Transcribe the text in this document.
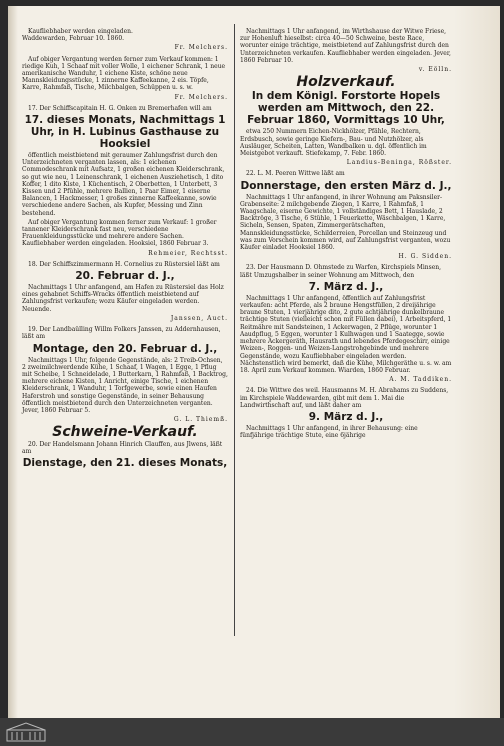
Kaufliebhaber werden eingeladen.
Waddewarden, Februar 10. 1860.
Fr. Melchers.
Auf obiger Vergantung werden ferner zum Verkauf kommen: 1 riedige Kuh, 1 Schaaf mit voller Wolle, 1 eichener Schrank, 1 neue amerikanische Wanduhr, 1 eichene Kiste, schöne neue Mannskleidungsstücke, 1 zinnerne Kaffeekanne, 2 eis. Töpfe, Karre, Rahmfaß, Tische, Milchbalgen, Schüppen u. s. w.
Fr. Melchers.
17. Der Schiffscapitain H. G. Onken zu Bremerhafen will am
17. dieses Monats, Nachmittags 1 Uhr, in H. Lubinus Gasthause zu Hooksiel
öffentlich meistbietend mit geraumer Zahlungsfrist durch den Unterzeichneten verganten lassen, als: 1 eichenen Commodeschrank mit Aufsatz, 1 großen eichenen Kleiderschrank, so gut wie neu, 1 Leinenschrank, 1 eichenen Ausziehetisch, 1 dito Koffer, 1 dito Kiste, 1 Küchentisch, 2 Oberbetten, 1 Unterbett, 3 Kissen und 2 Pfühle, mehrere Ballien, 1 Paar Eimer, 1 eiserne Balancen, 1 Hackmesser, 1 großes zinnerne Kaffeekanne, sowie verschiedene andere Sachen, als Kupfer, Messing und Zinn bestehend.
Auf obiger Vergantung kommen ferner zum Verkauf: 1 großer tannener Kleiderschrank fast neu, verschiedene Frauenkleidungsstücke und mehrere andere Sachen. Kaufliebhaber werden eingeladen. Hooksiel, 1860 Februar 3.
Rehmeier, Rechtsst.
18. Der Schiffszimmermann H. Cornelius zu Rüstersiel läßt am
20. Februar d. J.,
Nachmittags 1 Uhr anfangend, am Hafen zu Rüstersiel das Holz eines gehabnet Schiffs-Wracks öffentlich meistbietend auf Zahlungsfrist verkaufen; wozu Käufer eingeladen werden. Neuende.
Janssen, Auct.
19. Der Landbaülling Willm Folkers Janssen, zu Addernhausen, läßt am
Montage, den 20. Februar d. J.,
Nachmittags 1 Uhr, folgende Gegenstände, als: 2 Treib-Ochsen, 2 zweimilchwerdende Kühe, 1 Schaaf, 1 Wagen, 1 Egge, 1 Pflug mit Scheibe, 1 Schneidelade, 1 Butterkarn, 1 Rahmfaß, 1 Backtrog, mehrere eichene Kisten, 1 Anricht, einige Tische, 1 eichenen Kleiderschrank, 1 Wanduhr, 1 Torfgewerbe, sowie einen Haufen Haferstroh und sonstige Gegenstände, in seiner Behausung öffentlich meistbietend durch den Unterzeichneten verganten. Jever, 1860 Februar 5.
G. L. Thiemß.
Schweine-Verkauf.
20. Der Handelsmann Johann Hinrich Clauffen, aus Jlwens, läßt am
Dienstage, den 21. dieses Monats,
Nachmittags 1 Uhr anfangend, im Wirthshause der Witwe Friese, zur Hohenluft hieselbst: circa 40—50 Schweine, beste Race, worunter einige trächtige, meistbietend auf Zahlungsfrist durch den Unterzeichneten verkaufen. Kaufliebhaber werden eingeladen. Jever, 1860 Februar 10.
v. Eölln.
Holzverkauf.
In dem Königl. Forstorte Hopels werden am Mittwoch, den 22. Februar 1860, Vormittags 10 Uhr,
etwa 250 Nummern Eichen-Nickhölzer, Pfähle, Rechtern, Erdsbusch, sowie geringe Kiefern-, Bau- und Nutzhölzer, als Ausläuger, Scheiten, Latten, Wandbalken u. dgl. öffentlich im Meistgebot verkauft. Stiefekamp, 7. Febr. 1860.
Landius-Beninga, Rößster.
22. L. M. Peeren Wittwe läßt am
Donnerstage, den ersten März d. J.,
Nachmittags 1 Uhr anfangend, in ihrer Wohnung am Paksnsiler-Grabenseite: 2 milchgebende Ziegen, 1 Karre, 1 Rahmfaß, 1 Waagschale, eiserne Gewichte, 1 vollständiges Bett, 1 Hauslade, 2 Backtröge, 3 Tische, 6 Stühle, 1 Feuerkette, Wäschbalgen, 1 Karre, Sicheln, Sensen, Spaten, Zimmergerätschaften, Mannskleidungsstücke, Schilderreien, Porcellan und Steinzeug und was zum Vorschein kommen wird, auf Zahlungsfrist verganten, wozu Käufer einladet Hooksiel 1860.
H. G. Sidden.
23. Der Hausmann D. Ohmstede zu Warfen, Kirchspiels Minsen, läßt Umzugshalber in seiner Wohnung am Mittwoch, den
7. März d. J.,
Nachmittags 1 Uhr anfangend, öffentlich auf Zahlungsfrist verkaufen: acht Pferde, als 2 braune Hengstfüllen, 2 dreijährige braune Stuten, 1 vierjährige dito, 2 gute achtjährige dunkelbraune trächtige Stuten (vielleicht schon mit Füllen dabei), 1 Arbeitspferd, 1 Reitmähre mit Sandsteinen, 1 Ackerwagen, 2 Pflüge, worunter 1 Aaudpflug, 5 Eggen, worunter 1 Kulhwagen und 1 Saategge, sowie mehrere Ackergeräth, Hausrath und lebendes Pferdegeschirr, einige Weizen-, Roggen- und Weizen-Langstrohgebinde und mehrere Gegenstände, wozu Kaufliebhaber eingeladen werden. Nächstenstlich wird bemerkt, daß die Kühe, Milchgeräthe u. s. w. am 18. April zum Verkauf kommen. Wiarden, 1860 Februar.
A. M. Taddiken.
24. Die Wittwe des weil. Hausmanns M. H. Abrahams zu Suddens, im Kirchspiele Waddewarden, gibt mit dem 1. Mai die Landwirthschaft auf, und läßt daher am
9. März d. J.,
Nachmittags 1 Uhr anfangend, in ihrer Behausung: eine fünfjährige trächtige Stute, eine 6jährige
